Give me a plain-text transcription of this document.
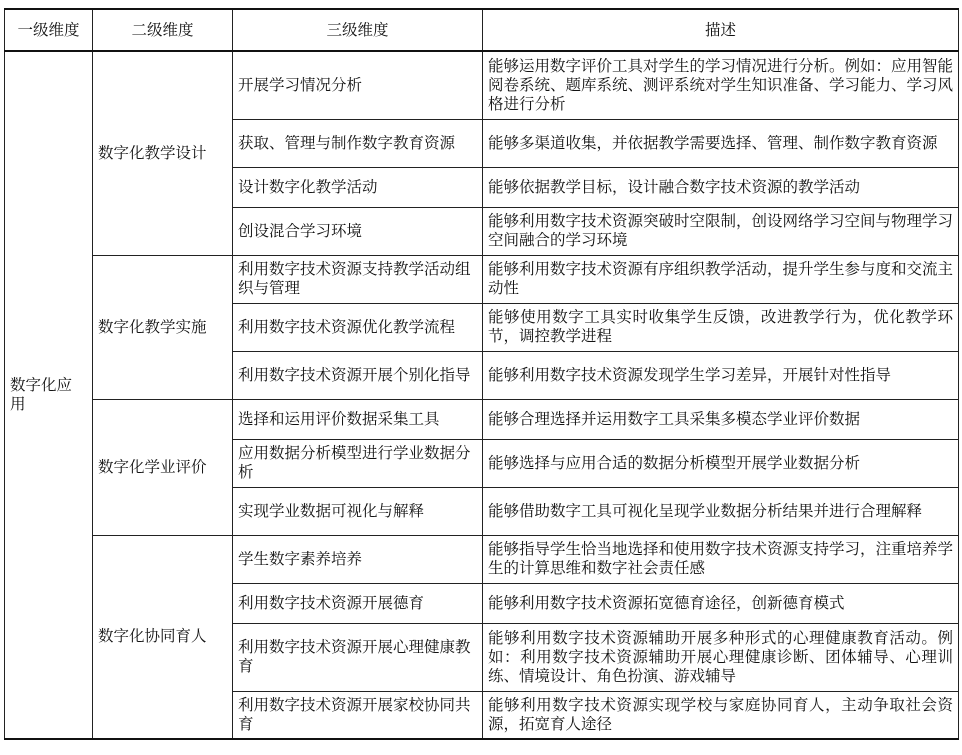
一级维度	二级维度	三级维度	描述
数字化应用	数字化教学设计	开展学习情况分析	能够运用数字评价工具对学生的学习情况进行分析。例如：应用智能阅卷系统、题库系统、测评系统对学生知识准备、学习能力、学习风格进行分析
		获取、管理与制作数字教育资源	能够多渠道收集，并依据教学需要选择、管理、制作数字教育资源
		设计数字化教学活动	能够依据教学目标，设计融合数字技术资源的教学活动
		创设混合学习环境	能够利用数字技术资源突破时空限制，创设网络学习空间与物理学习空间融合的学习环境
	数字化教学实施	利用数字技术资源支持教学活动组织与管理	能够利用数字技术资源有序组织教学活动，提升学生参与度和交流主动性
		利用数字技术资源优化教学流程	能够使用数字工具实时收集学生反馈，改进教学行为，优化教学环节，调控教学进程
		利用数字技术资源开展个别化指导	能够利用数字技术资源发现学生学习差异，开展针对性指导
	数字化学业评价	选择和运用评价数据采集工具	能够合理选择并运用数字工具采集多模态学业评价数据
		应用数据分析模型进行学业数据分析	能够选择与应用合适的数据分析模型开展学业数据分析
		实现学业数据可视化与解释	能够借助数字工具可视化呈现学业数据分析结果并进行合理解释
	数字化协同育人	学生数字素养培养	能够指导学生恰当地选择和使用数字技术资源支持学习，注重培养学生的计算思维和数字社会责任感
		利用数字技术资源开展德育	能够利用数字技术资源拓宽德育途径，创新德育模式
		利用数字技术资源开展心理健康教育	能够利用数字技术资源辅助开展多种形式的心理健康教育活动。例如：利用数字技术资源辅助开展心理健康诊断、团体辅导、心理训练、情境设计、角色扮演、游戏辅导
		利用数字技术资源开展家校协同共育	能够利用数字技术资源实现学校与家庭协同育人，主动争取社会资源，拓宽育人途径
